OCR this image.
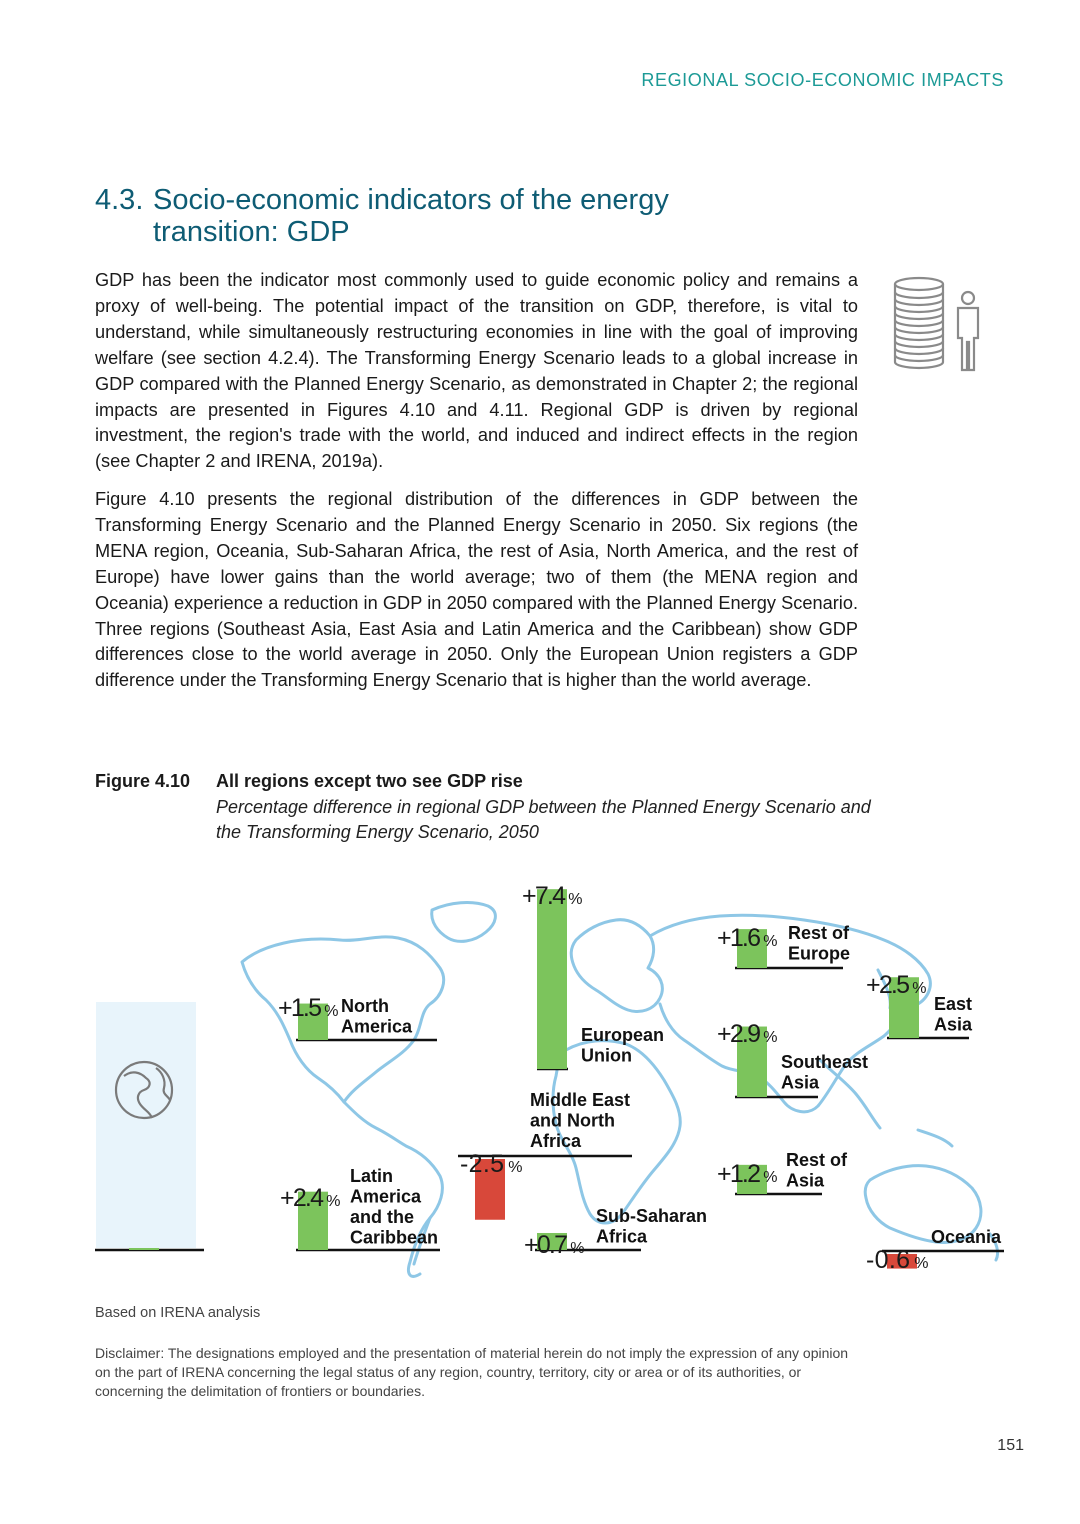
REGIONAL SOCIO-ECONOMIC IMPACTS
4.3. Socio-economic indicators of the energy
transition: GDP

GDP has been the indicator most commonly used to guide economic policy and remains a proxy of well-being. The potential impact of the transition on GDP, therefore, is vital to understand, while simultaneously restructuring economies in line with the goal of improving welfare (see section 4.2.4). The Transforming Energy Scenario leads to a global increase in GDP compared with the Planned Energy Scenario, as demonstrated in Chapter 2; the regional impacts are presented in Figures 4.10 and 4.11. Regional GDP is driven by regional investment, the region's trade with the world, and induced and indirect effects in the region (see Chapter 2 and IRENA, 2019a).

Figure 4.10 presents the regional distribution of the differences in GDP between the Transforming Energy Scenario and the Planned Energy Scenario in 2050. Six regions (the MENA region, Oceania, Sub-Saharan Africa, the rest of Asia, North America, and the rest of Europe) have lower gains than the world average; two of them (the MENA region and Oceania) experience a reduction in GDP in 2050 compared with the Planned Energy Scenario. Three regions (Southeast Asia, East Asia and Latin America and the Caribbean) show GDP differences close to the world average in 2050. Only the European Union registers a GDP difference under the Transforming Energy Scenario that is higher than the world average.

Figure 4.10 All regions except two see GDP rise
Percentage difference in regional GDP between the Planned Energy Scenario and the Transforming Energy Scenario, 2050
+1.5 %
+2.4 %
-2.5 %
+7.4 %
+0.7 %
+1.6 %
+2.9 %
+1.2 %
+2.5 %
-0.6 %
North America
Latin America and the Caribbean
Middle East and North Africa
European Union
Sub-Saharan Africa
Rest of Europe
Southeast Asia
Rest of Asia
East Asia
Oceania
Based on IRENA analysis
Disclaimer: The designations employed and the presentation of material herein do not imply the expression of any opinion on the part of IRENA concerning the legal status of any region, country, territory, city or area or of its authorities, or concerning the delimitation of frontiers or boundaries.
151
